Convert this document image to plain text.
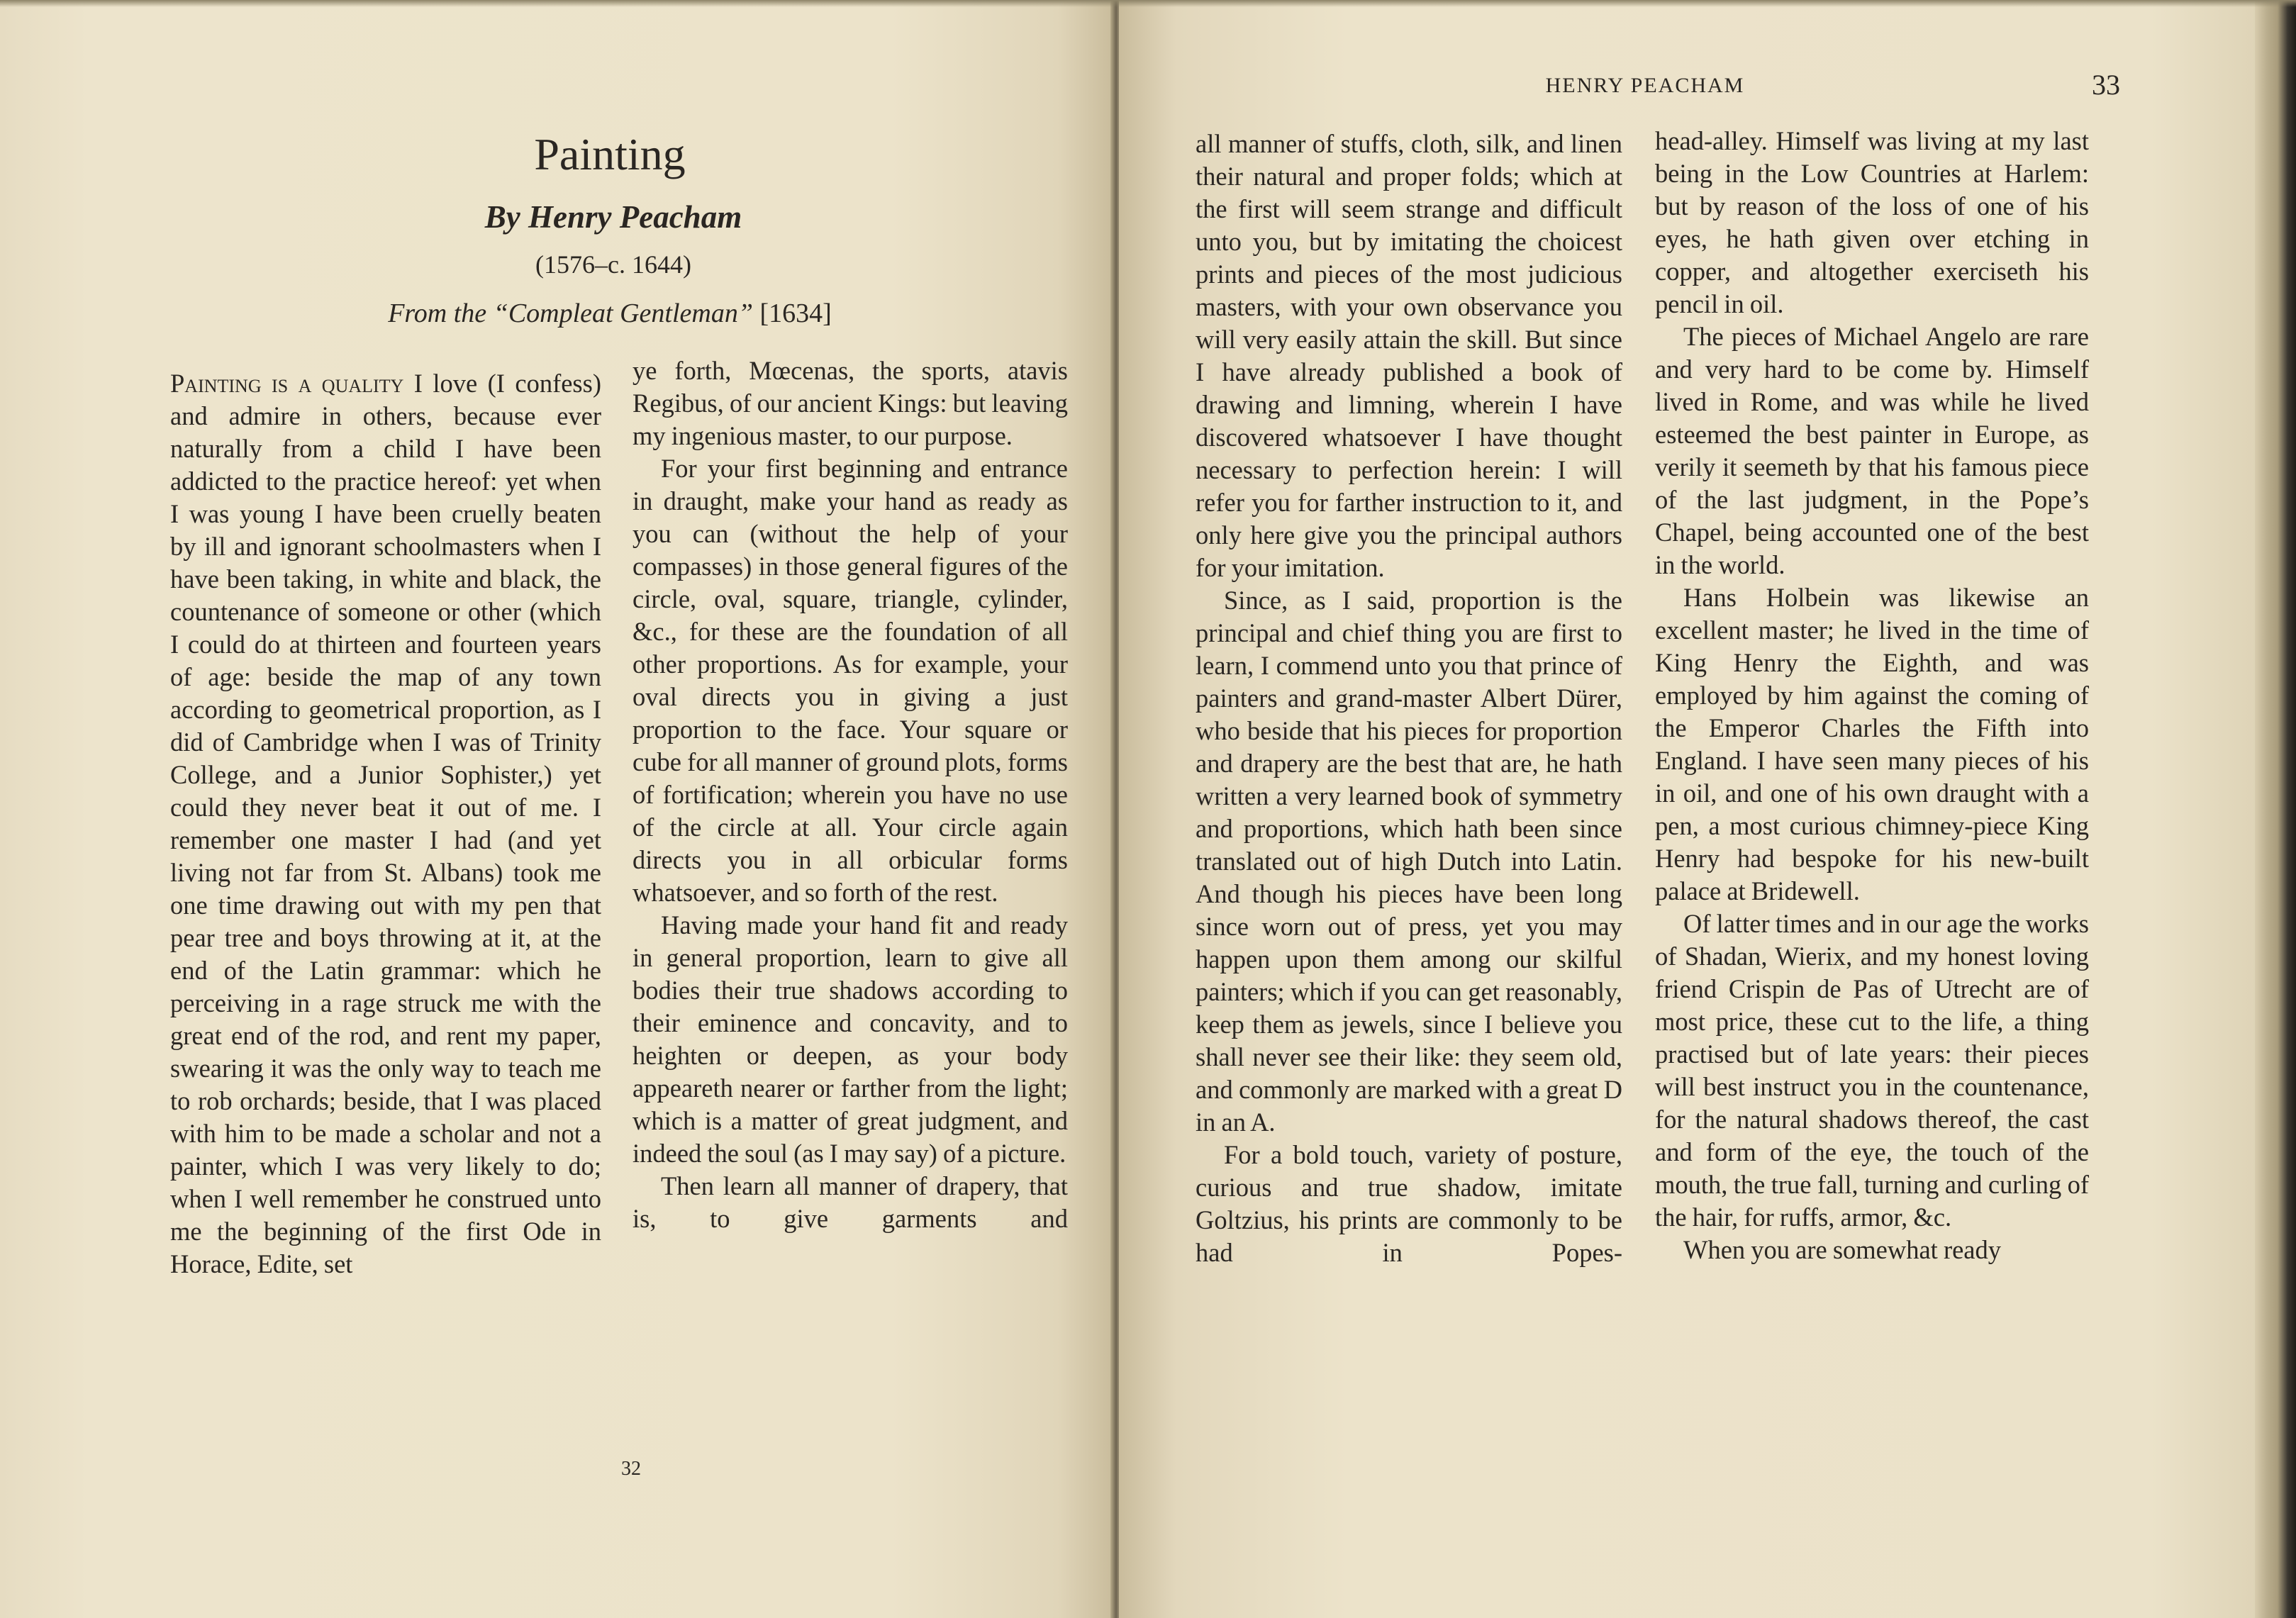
Painting
By Henry Peacham
(1576–c. 1644)
From the “Compleat Gentleman” [1634]

Painting is a quality I love (I confess) and admire in others, because ever naturally from a child I have been addicted to the practice hereof: yet when I was young I have been cruelly beaten by ill and ignorant schoolmasters when I have been taking, in white and black, the countenance of someone or other (which I could do at thirteen and fourteen years of age: beside the map of any town according to geometrical proportion, as I did of Cambridge when I was of Trinity College, and a Junior Sophister,) yet could they never beat it out of me. I remember one master I had (and yet living not far from St. Albans) took me one time drawing out with my pen that pear tree and boys throwing at it, at the end of the Latin grammar: which he perceiving in a rage struck me with the great end of the rod, and rent my paper, swearing it was the only way to teach me to rob orchards; beside, that I was placed with him to be made a scholar and not a painter, which I was very likely to do; when I well remember he construed unto me the beginning of the first Ode in Horace, Edite, set

ye forth, Mœcenas, the sports, atavis Regibus, of our ancient Kings: but leaving my ingenious master, to our purpose.

For your first beginning and entrance in draught, make your hand as ready as you can (without the help of your compasses) in those general figures of the circle, oval, square, triangle, cylinder, &c., for these are the foundation of all other proportions. As for example, your oval directs you in giving a just proportion to the face. Your square or cube for all manner of ground plots, forms of fortification; wherein you have no use of the circle at all. Your circle again directs you in all orbicular forms whatsoever, and so forth of the rest.

Having made your hand fit and ready in general proportion, learn to give all bodies their true shadows according to their eminence and concavity, and to heighten or deepen, as your body appeareth nearer or farther from the light; which is a matter of great judgment, and indeed the soul (as I may say) of a picture.

Then learn all manner of drapery, that is, to give garments and

32
HENRY PEACHAM	33

all manner of stuffs, cloth, silk, and linen their natural and proper folds; which at the first will seem strange and difficult unto you, but by imitating the choicest prints and pieces of the most judicious masters, with your own observance you will very easily attain the skill. But since I have already published a book of drawing and limning, wherein I have discovered whatsoever I have thought necessary to perfection herein: I will refer you for farther instruction to it, and only here give you the principal authors for your imitation.

Since, as I said, proportion is the principal and chief thing you are first to learn, I commend unto you that prince of painters and grand-master Albert Dürer, who beside that his pieces for proportion and drapery are the best that are, he hath written a very learned book of symmetry and proportions, which hath been since translated out of high Dutch into Latin. And though his pieces have been long since worn out of press, yet you may happen upon them among our skilful painters; which if you can get reasonably, keep them as jewels, since I believe you shall never see their like: they seem old, and commonly are marked with a great D in an A.

For a bold touch, variety of posture, curious and true shadow, imitate Goltzius, his prints are commonly to be had in Popes-

head-alley. Himself was living at my last being in the Low Countries at Harlem: but by reason of the loss of one of his eyes, he hath given over etching in copper, and altogether exerciseth his pencil in oil.

The pieces of Michael Angelo are rare and very hard to be come by. Himself lived in Rome, and was while he lived esteemed the best painter in Europe, as verily it seemeth by that his famous piece of the last judgment, in the Pope’s Chapel, being accounted one of the best in the world.

Hans Holbein was likewise an excellent master; he lived in the time of King Henry the Eighth, and was employed by him against the coming of the Emperor Charles the Fifth into England. I have seen many pieces of his in oil, and one of his own draught with a pen, a most curious chimney-piece King Henry had bespoke for his new-built palace at Bridewell.

Of latter times and in our age the works of Shadan, Wierix, and my honest loving friend Crispin de Pas of Utrecht are of most price, these cut to the life, a thing practised but of late years: their pieces will best instruct you in the countenance, for the natural shadows thereof, the cast and form of the eye, the touch of the mouth, the true fall, turning and curling of the hair, for ruffs, armor, &c.

When you are somewhat ready
